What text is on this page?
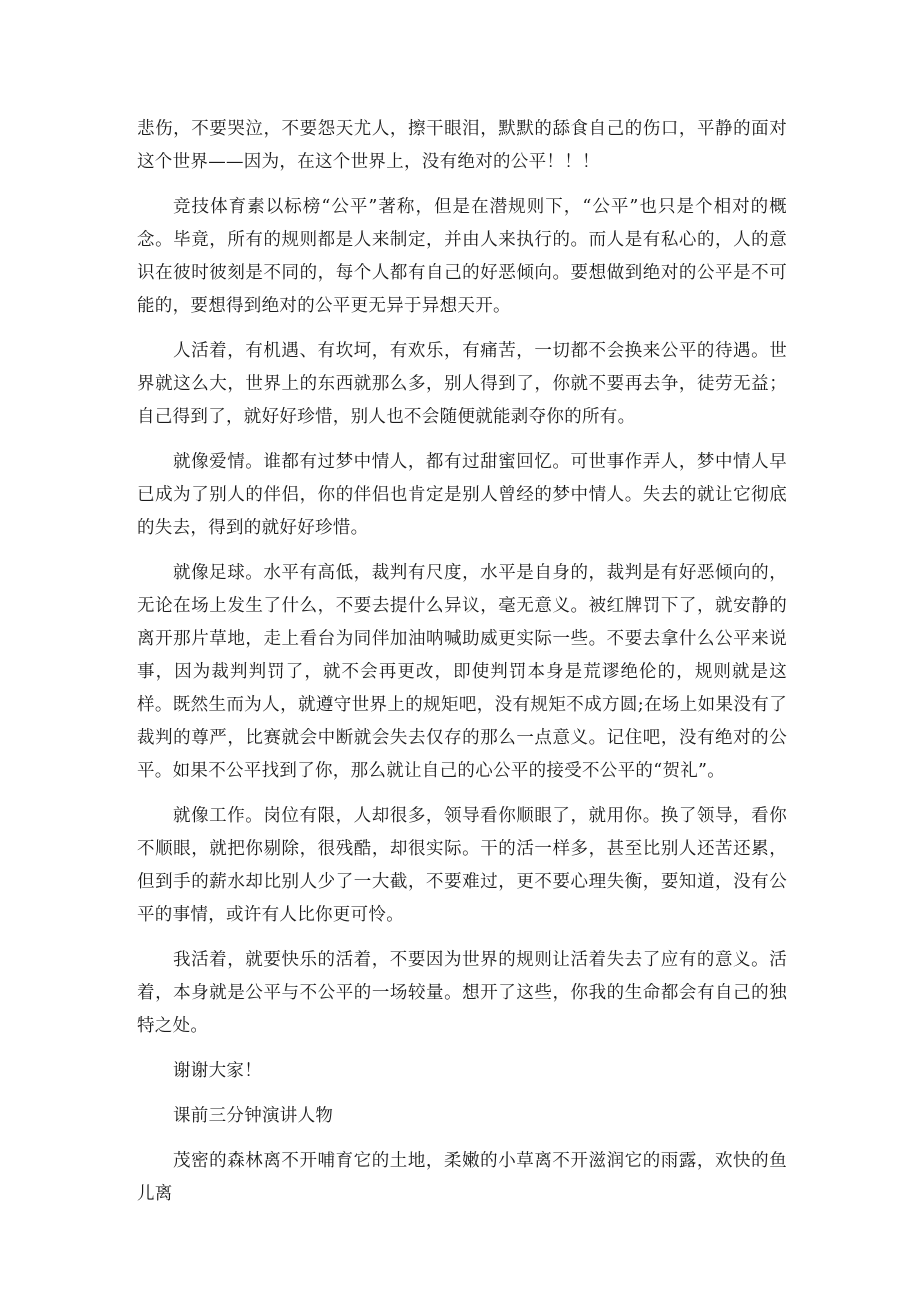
悲伤，不要哭泣，不要怨天尤人，擦干眼泪，默默的舔食自己的伤口，平静的面对这个世界——因为，在这个世界上，没有绝对的公平！！！

竞技体育素以标榜“公平”著称，但是在潜规则下，“公平”也只是个相对的概念。毕竟，所有的规则都是人来制定，并由人来执行的。而人是有私心的，人的意识在彼时彼刻是不同的，每个人都有自己的好恶倾向。要想做到绝对的公平是不可能的，要想得到绝对的公平更无异于异想天开。

人活着，有机遇、有坎坷，有欢乐，有痛苦，一切都不会换来公平的待遇。世界就这么大，世界上的东西就那么多，别人得到了，你就不要再去争，徒劳无益；自己得到了，就好好珍惜，别人也不会随便就能剥夺你的所有。

就像爱情。谁都有过梦中情人，都有过甜蜜回忆。可世事作弄人，梦中情人早已成为了别人的伴侣，你的伴侣也肯定是别人曾经的梦中情人。失去的就让它彻底的失去，得到的就好好珍惜。

就像足球。水平有高低，裁判有尺度，水平是自身的，裁判是有好恶倾向的，无论在场上发生了什么，不要去提什么异议，毫无意义。被红牌罚下了，就安静的离开那片草地，走上看台为同伴加油呐喊助威更实际一些。不要去拿什么公平来说事，因为裁判判罚了，就不会再更改，即使判罚本身是荒谬绝伦的，规则就是这样。既然生而为人，就遵守世界上的规矩吧，没有规矩不成方圆;在场上如果没有了裁判的尊严，比赛就会中断就会失去仅存的那么一点意义。记住吧，没有绝对的公平。如果不公平找到了你，那么就让自己的心公平的接受不公平的“贺礼”。

就像工作。岗位有限，人却很多，领导看你顺眼了，就用你。换了领导，看你不顺眼，就把你剔除，很残酷，却很实际。干的活一样多，甚至比别人还苦还累，但到手的薪水却比别人少了一大截，不要难过，更不要心理失衡，要知道，没有公平的事情，或许有人比你更可怜。

我活着，就要快乐的活着，不要因为世界的规则让活着失去了应有的意义。活着，本身就是公平与不公平的一场较量。想开了这些，你我的生命都会有自己的独特之处。

谢谢大家！

课前三分钟演讲人物

茂密的森林离不开哺育它的土地，柔嫩的小草离不开滋润它的雨露，欢快的鱼儿离
